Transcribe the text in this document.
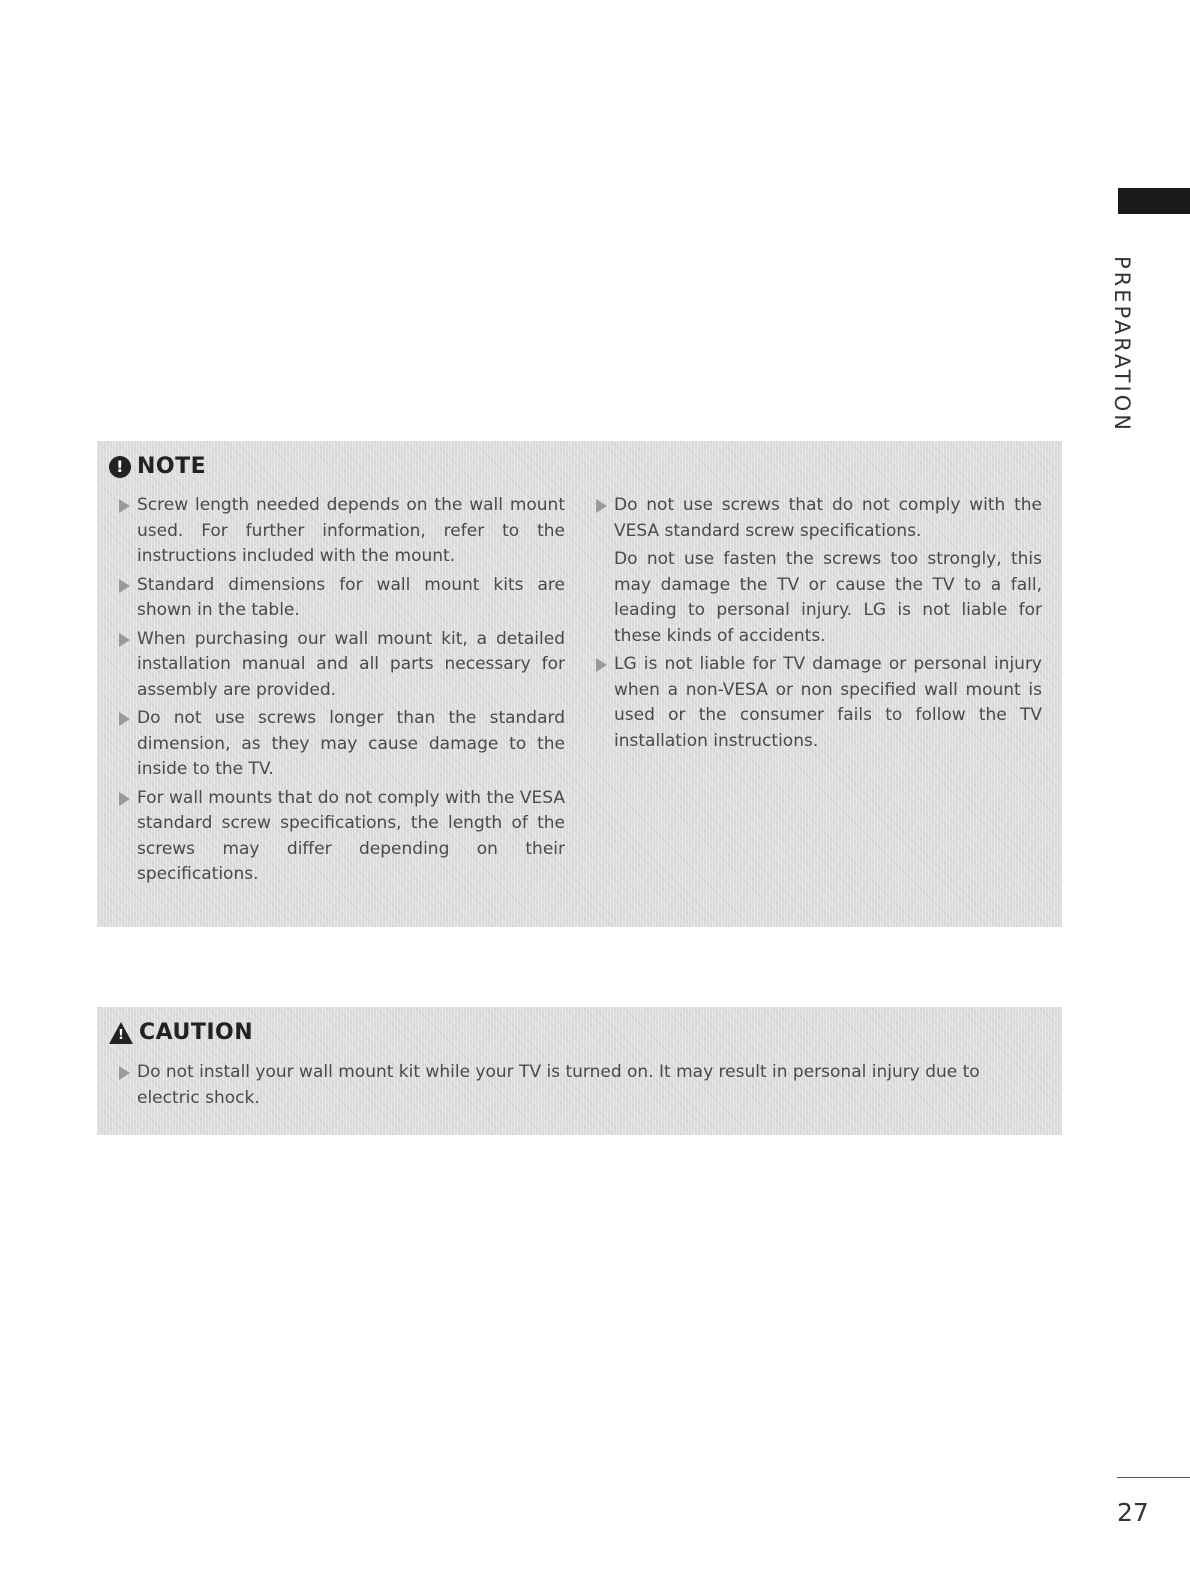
PREPARATION
! NOTE
Screw length needed depends on the wall mount used. For further information, refer to the instructions included with the mount.
Standard dimensions for wall mount kits are shown in the table.
When purchasing our wall mount kit, a detailed installation manual and all parts necessary for assembly are provided.
Do not use screws longer than the standard dimension, as they may cause damage to the inside to the TV.
For wall mounts that do not comply with the VESA standard screw specifications, the length of the screws may differ depending on their specifications.
Do not use screws that do not comply with the VESA standard screw specifications.
Do not use fasten the screws too strongly, this may damage the TV or cause the TV to a fall, leading to personal injury. LG is not liable for these kinds of accidents.
LG is not liable for TV damage or personal injury when a non-VESA or non specified wall mount is used or the consumer fails to follow the TV installation instructions.
! CAUTION
Do not install your wall mount kit while your TV is turned on. It may result in personal injury due to electric shock.
27
